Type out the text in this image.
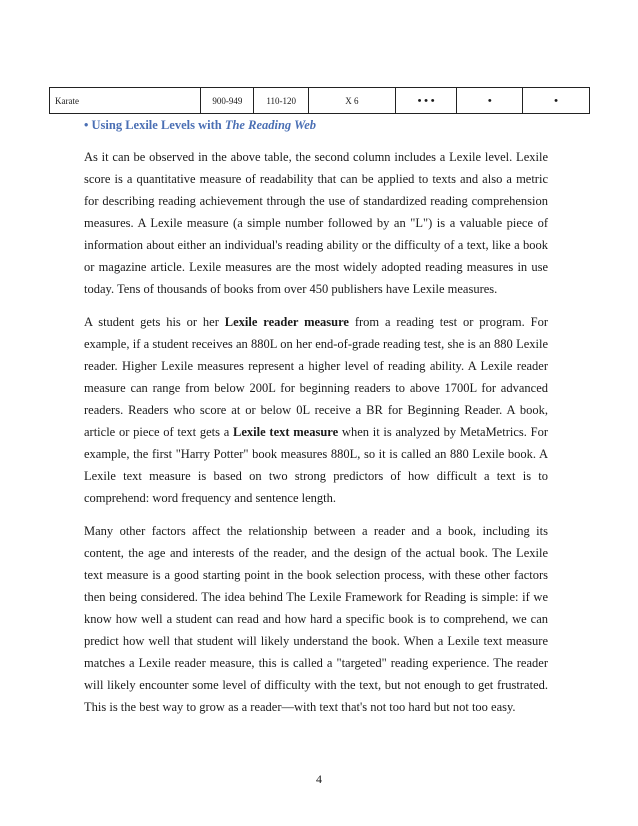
Karate	900-949	110-120	X 6	• • •	•	•
• Using Lexile Levels with The Reading Web

As it can be observed in the above table, the second column includes a Lexile level. Lexile score is a quantitative measure of readability that can be applied to texts and also a metric for describing reading achievement through the use of standardized reading comprehension measures. A Lexile measure (a simple number followed by an "L") is a valuable piece of information about either an individual's reading ability or the difficulty of a text, like a book or magazine article. Lexile measures are the most widely adopted reading measures in use today. Tens of thousands of books from over 450 publishers have Lexile measures.

A student gets his or her Lexile reader measure from a reading test or program. For example, if a student receives an 880L on her end-of-grade reading test, she is an 880 Lexile reader. Higher Lexile measures represent a higher level of reading ability. A Lexile reader measure can range from below 200L for beginning readers to above 1700L for advanced readers. Readers who score at or below 0L receive a BR for Beginning Reader. A book, article or piece of text gets a Lexile text measure when it is analyzed by MetaMetrics. For example, the first "Harry Potter" book measures 880L, so it is called an 880 Lexile book. A Lexile text measure is based on two strong predictors of how difficult a text is to comprehend: word frequency and sentence length.

Many other factors affect the relationship between a reader and a book, including its content, the age and interests of the reader, and the design of the actual book. The Lexile text measure is a good starting point in the book selection process, with these other factors then being considered. The idea behind The Lexile Framework for Reading is simple: if we know how well a student can read and how hard a specific book is to comprehend, we can predict how well that student will likely understand the book. When a Lexile text measure matches a Lexile reader measure, this is called a "targeted" reading experience. The reader will likely encounter some level of difficulty with the text, but not enough to get frustrated. This is the best way to grow as a reader—with text that's not too hard but not too easy.

4
